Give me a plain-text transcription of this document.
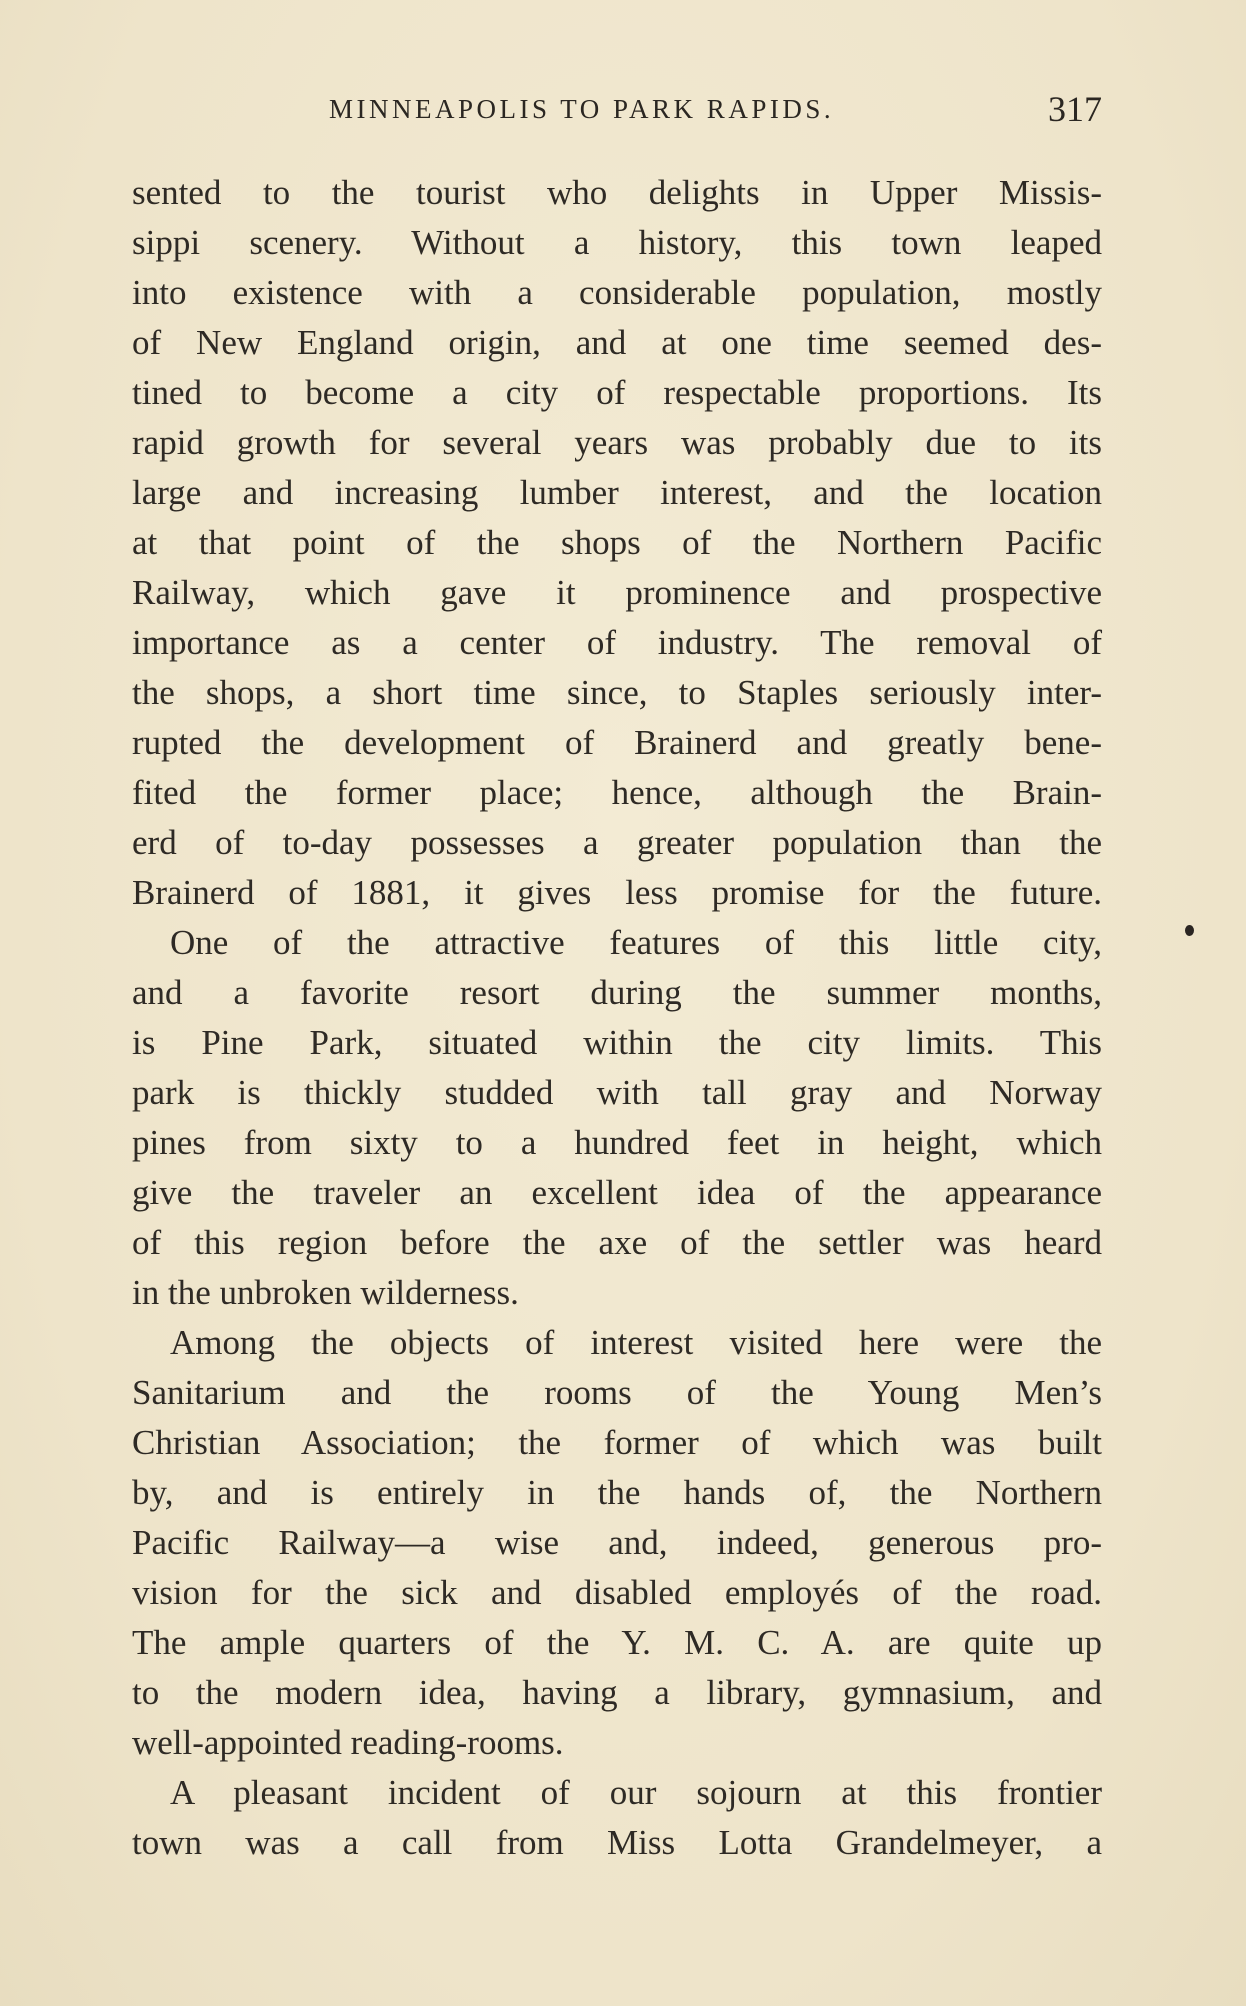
MINNEAPOLIS TO PARK RAPIDS.	317
sented to the tourist who delights in Upper Missis-
sippi scenery. Without a history, this town leaped
into existence with a considerable population, mostly
of New England origin, and at one time seemed des-
tined to become a city of respectable proportions. Its
rapid growth for several years was probably due to its
large and increasing lumber interest, and the location
at that point of the shops of the Northern Pacific
Railway, which gave it prominence and prospective
importance as a center of industry. The removal of
the shops, a short time since, to Staples seriously inter-
rupted the development of Brainerd and greatly bene-
fited the former place; hence, although the Brain-
erd of to-day possesses a greater population than the
Brainerd of 1881, it gives less promise for the future.
One of the attractive features of this little city,
and a favorite resort during the summer months,
is Pine Park, situated within the city limits. This
park is thickly studded with tall gray and Norway
pines from sixty to a hundred feet in height, which
give the traveler an excellent idea of the appearance
of this region before the axe of the settler was heard
in the unbroken wilderness.
Among the objects of interest visited here were the
Sanitarium and the rooms of the Young Men’s
Christian Association; the former of which was built
by, and is entirely in the hands of, the Northern
Pacific Railway—a wise and, indeed, generous pro-
vision for the sick and disabled employés of the road.
The ample quarters of the Y. M. C. A. are quite up
to the modern idea, having a library, gymnasium, and
well-appointed reading-rooms.
A pleasant incident of our sojourn at this frontier
town was a call from Miss Lotta Grandelmeyer, a
